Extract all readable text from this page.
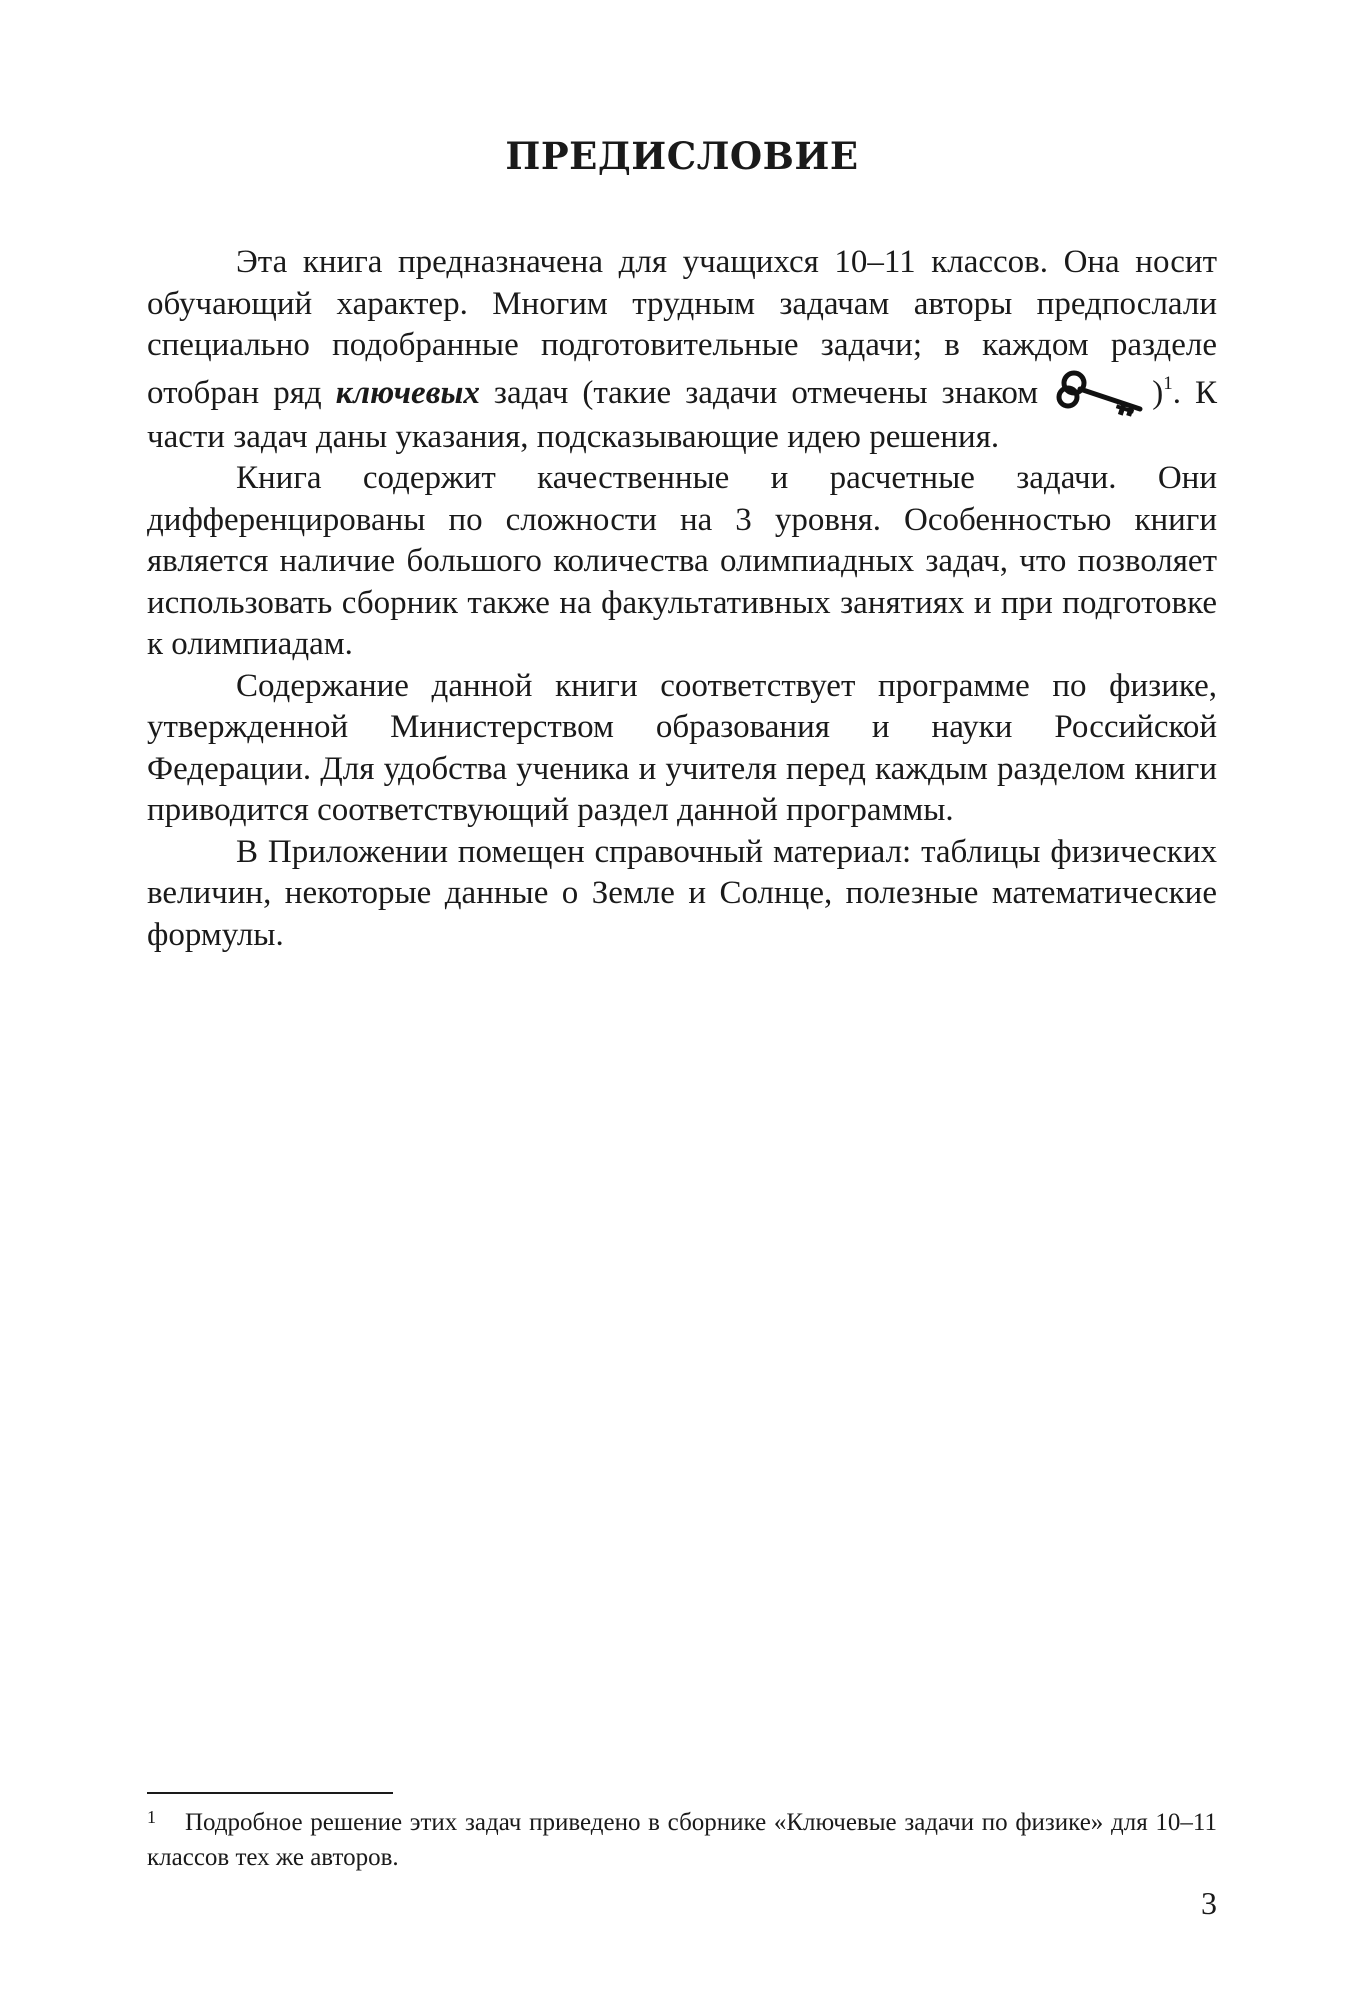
ПРЕДИСЛОВИЕ

Эта книга предназначена для учащихся 10–11 классов. Она носит обучающий характер. Многим трудным задачам авторы предпослали специально подобранные подготовительные задачи; в каждом разделе отобран ряд ключевых задач (такие задачи отмечены знаком	)$^1$. К части задач даны указания, подсказывающие идею решения.

Книга содержит качественные и расчетные задачи. Они дифференцированы по сложности на 3 уровня. Особенностью книги является наличие большого количества олимпиадных задач, что позволяет использовать сборник также на факультативных занятиях и при подготовке к олимпиадам.

Содержание данной книги соответствует программе по физике, утвержденной Министерством образования и науки Российской Федерации. Для удобства ученика и учителя перед каждым разделом книги приводится соответствующий раздел данной программы.

В Приложении помещен справочный материал: таблицы физических величин, некоторые данные о Земле и Солнце, полезные математические формулы.

1 Подробное решение этих задач приведено в сборнике «Ключевые задачи по физике» для 10–11 классов тех же авторов.
3
